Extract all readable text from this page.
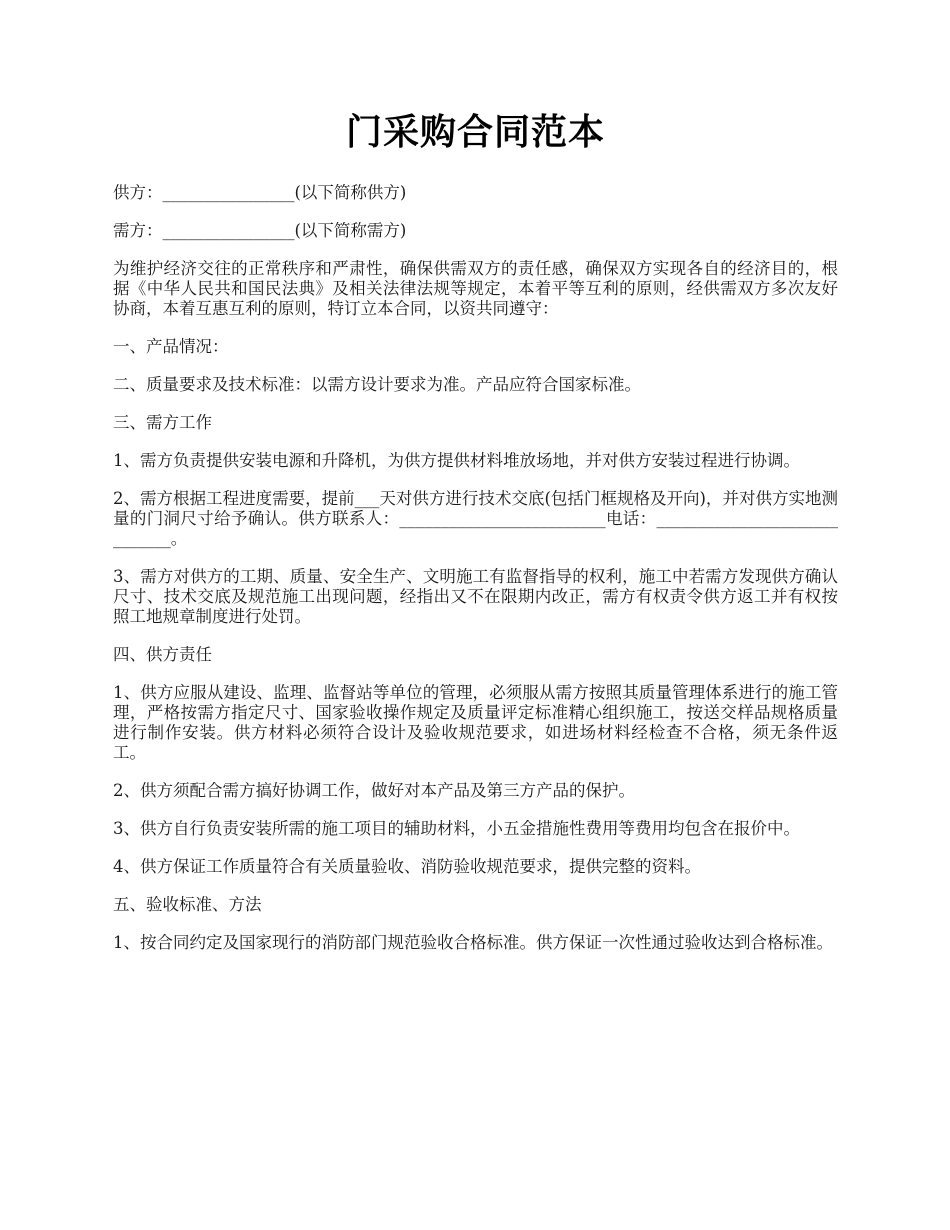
门采购合同范本

供方：________________(以下简称供方)

需方：________________(以下简称需方)

为维护经济交往的正常秩序和严肃性，确保供需双方的责任感，确保双方实现各自的经济目的，根据《中华人民共和国民法典》及相关法律法规等规定，本着平等互利的原则，经供需双方多次友好协商，本着互惠互利的原则，特订立本合同，以资共同遵守：

一、产品情况：

二、质量要求及技术标准：以需方设计要求为准。产品应符合国家标准。

三、需方工作

1、需方负责提供安装电源和升降机，为供方提供材料堆放场地，并对供方安装过程进行协调。

2、需方根据工程进度需要，提前___天对供方进行技术交底(包括门框规格及开向)，并对供方实地测量的门洞尺寸给予确认。供方联系人：_________________________电话：_____________________________。

3、需方对供方的工期、质量、安全生产、文明施工有监督指导的权利，施工中若需方发现供方确认尺寸、技术交底及规范施工出现问题，经指出又不在限期内改正，需方有权责令供方返工并有权按照工地规章制度进行处罚。

四、供方责任

1、供方应服从建设、监理、监督站等单位的管理，必须服从需方按照其质量管理体系进行的施工管理，严格按需方指定尺寸、国家验收操作规定及质量评定标准精心组织施工，按送交样品规格质量进行制作安装。供方材料必须符合设计及验收规范要求，如进场材料经检查不合格，须无条件返工。

2、供方须配合需方搞好协调工作，做好对本产品及第三方产品的保护。

3、供方自行负责安装所需的施工项目的辅助材料，小五金措施性费用等费用均包含在报价中。

4、供方保证工作质量符合有关质量验收、消防验收规范要求，提供完整的资料。

五、验收标准、方法

1、按合同约定及国家现行的消防部门规范验收合格标准。供方保证一次性通过验收达到合格标准。
